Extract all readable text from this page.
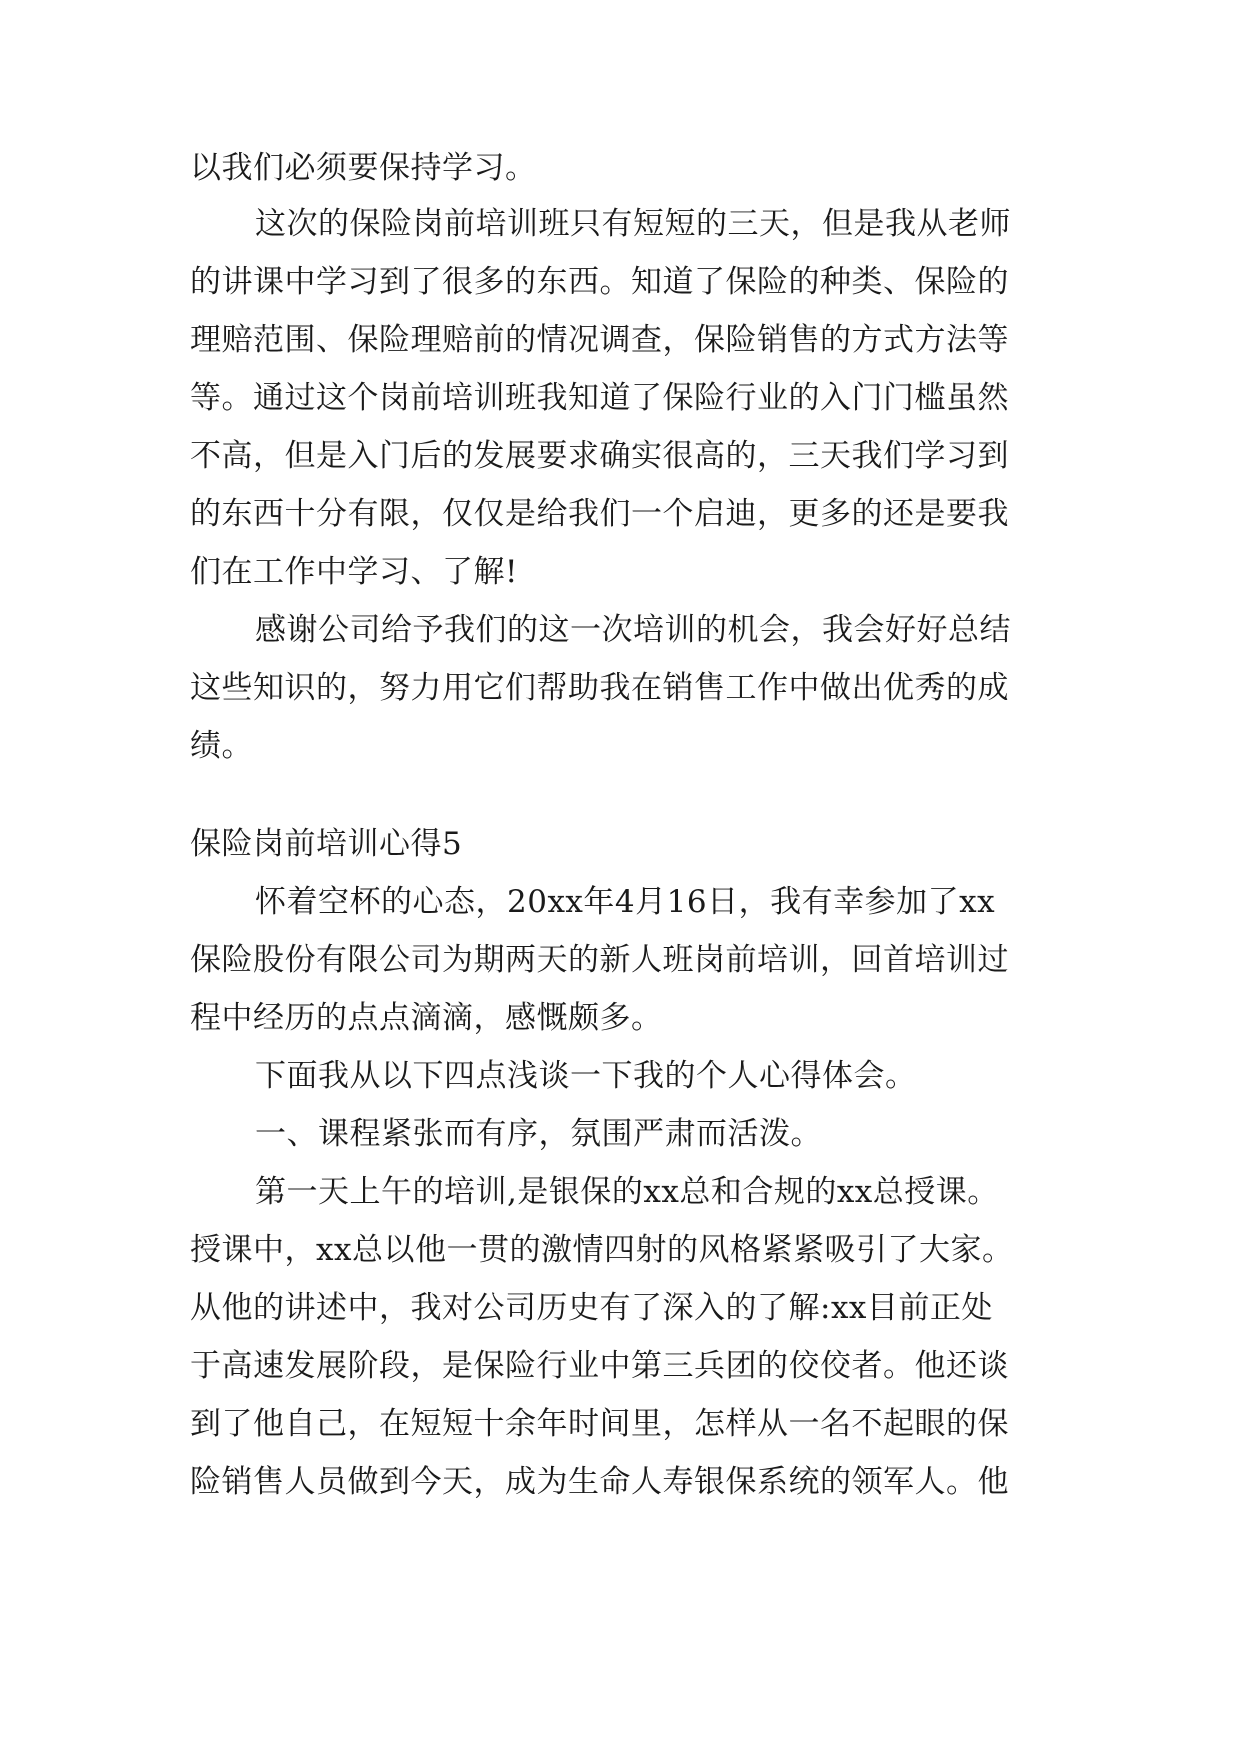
以我们必须要保持学习。
这次的保险岗前培训班只有短短的三天，但是我从老师
的讲课中学习到了很多的东西。知道了保险的种类、保险的
理赔范围、保险理赔前的情况调查，保险销售的方式方法等
等。通过这个岗前培训班我知道了保险行业的入门门槛虽然
不高，但是入门后的发展要求确实很高的，三天我们学习到
的东西十分有限，仅仅是给我们一个启迪，更多的还是要我
们在工作中学习、了解!
感谢公司给予我们的这一次培训的机会，我会好好总结
这些知识的，努力用它们帮助我在销售工作中做出优秀的成
绩。
保险岗前培训心得5
怀着空杯的心态，20xx年4月16日，我有幸参加了xx
保险股份有限公司为期两天的新人班岗前培训，回首培训过
程中经历的点点滴滴，感慨颇多。
下面我从以下四点浅谈一下我的个人心得体会。
一、课程紧张而有序，氛围严肃而活泼。
第一天上午的培训,是银保的xx总和合规的xx总授课。
授课中，xx总以他一贯的激情四射的风格紧紧吸引了大家。
从他的讲述中，我对公司历史有了深入的了解:xx目前正处
于高速发展阶段，是保险行业中第三兵团的佼佼者。他还谈
到了他自己，在短短十余年时间里，怎样从一名不起眼的保
险销售人员做到今天，成为生命人寿银保系统的领军人。他
